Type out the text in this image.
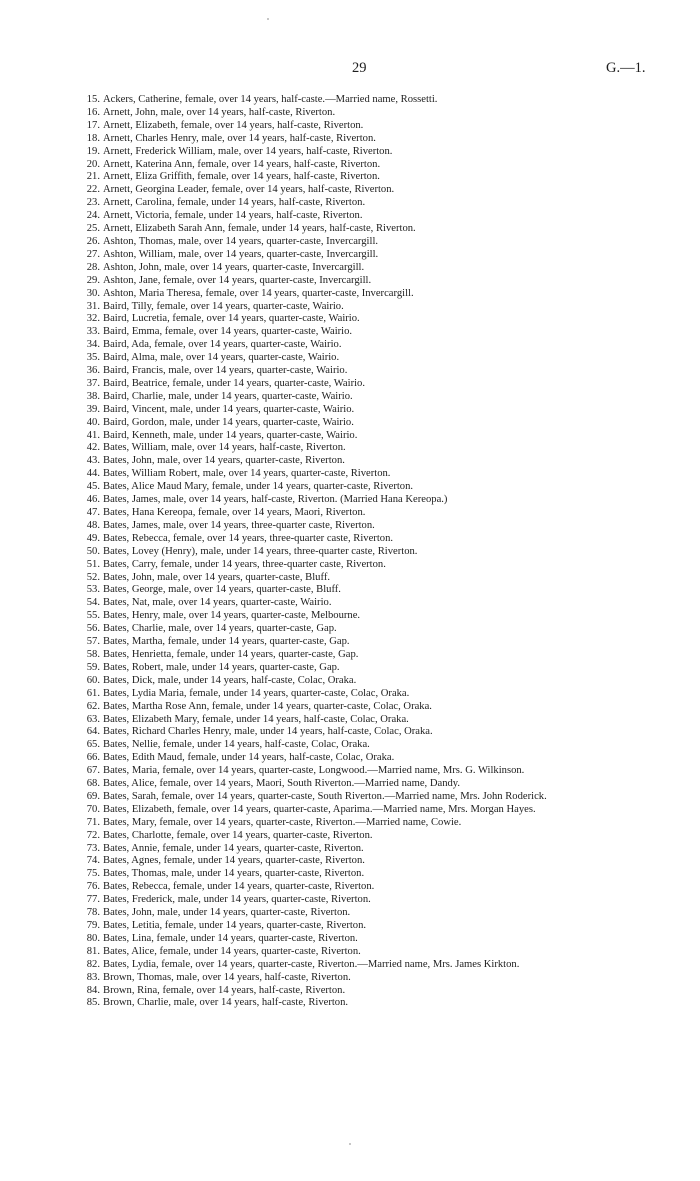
29	G.—1.
15. Ackers, Catherine, female, over 14 years, half-caste.—Married name, Rossetti.
16. Arnett, John, male, over 14 years, half-caste, Riverton.
17. Arnett, Elizabeth, female, over 14 years, half-caste, Riverton.
18. Arnett, Charles Henry, male, over 14 years, half-caste, Riverton.
19. Arnett, Frederick William, male, over 14 years, half-caste, Riverton.
20. Arnett, Katerina Ann, female, over 14 years, half-caste, Riverton.
21. Arnett, Eliza Griffith, female, over 14 years, half-caste, Riverton.
22. Arnett, Georgina Leader, female, over 14 years, half-caste, Riverton.
23. Arnett, Carolina, female, under 14 years, half-caste, Riverton.
24. Arnett, Victoria, female, under 14 years, half-caste, Riverton.
25. Arnett, Elizabeth Sarah Ann, female, under 14 years, half-caste, Riverton.
26. Ashton, Thomas, male, over 14 years, quarter-caste, Invercargill.
27. Ashton, William, male, over 14 years, quarter-caste, Invercargill.
28. Ashton, John, male, over 14 years, quarter-caste, Invercargill.
29. Ashton, Jane, female, over 14 years, quarter-caste, Invercargill.
30. Ashton, Maria Theresa, female, over 14 years, quarter-caste, Invercargill.
31. Baird, Tilly, female, over 14 years, quarter-caste, Wairio.
32. Baird, Lucretia, female, over 14 years, quarter-caste, Wairio.
33. Baird, Emma, female, over 14 years, quarter-caste, Wairio.
34. Baird, Ada, female, over 14 years, quarter-caste, Wairio.
35. Baird, Alma, male, over 14 years, quarter-caste, Wairio.
36. Baird, Francis, male, over 14 years, quarter-caste, Wairio.
37. Baird, Beatrice, female, under 14 years, quarter-caste, Wairio.
38. Baird, Charlie, male, under 14 years, quarter-caste, Wairio.
39. Baird, Vincent, male, under 14 years, quarter-caste, Wairio.
40. Baird, Gordon, male, under 14 years, quarter-caste, Wairio.
41. Baird, Kenneth, male, under 14 years, quarter-caste, Wairio.
42. Bates, William, male, over 14 years, half-caste, Riverton.
43. Bates, John, male, over 14 years, quarter-caste, Riverton.
44. Bates, William Robert, male, over 14 years, quarter-caste, Riverton.
45. Bates, Alice Maud Mary, female, under 14 years, quarter-caste, Riverton.
46. Bates, James, male, over 14 years, half-caste, Riverton. (Married Hana Kereopa.)
47. Bates, Hana Kereopa, female, over 14 years, Maori, Riverton.
48. Bates, James, male, over 14 years, three-quarter caste, Riverton.
49. Bates, Rebecca, female, over 14 years, three-quarter caste, Riverton.
50. Bates, Lovey (Henry), male, under 14 years, three-quarter caste, Riverton.
51. Bates, Carry, female, under 14 years, three-quarter caste, Riverton.
52. Bates, John, male, over 14 years, quarter-caste, Bluff.
53. Bates, George, male, over 14 years, quarter-caste, Bluff.
54. Bates, Nat, male, over 14 years, quarter-caste, Wairio.
55. Bates, Henry, male, over 14 years, quarter-caste, Melbourne.
56. Bates, Charlie, male, over 14 years, quarter-caste, Gap.
57. Bates, Martha, female, under 14 years, quarter-caste, Gap.
58. Bates, Henrietta, female, under 14 years, quarter-caste, Gap.
59. Bates, Robert, male, under 14 years, quarter-caste, Gap.
60. Bates, Dick, male, under 14 years, half-caste, Colac, Oraka.
61. Bates, Lydia Maria, female, under 14 years, quarter-caste, Colac, Oraka.
62. Bates, Martha Rose Ann, female, under 14 years, quarter-caste, Colac, Oraka.
63. Bates, Elizabeth Mary, female, under 14 years, half-caste, Colac, Oraka.
64. Bates, Richard Charles Henry, male, under 14 years, half-caste, Colac, Oraka.
65. Bates, Nellie, female, under 14 years, half-caste, Colac, Oraka.
66. Bates, Edith Maud, female, under 14 years, half-caste, Colac, Oraka.
67. Bates, Maria, female, over 14 years, quarter-caste, Longwood.—Married name, Mrs. G. Wilkinson.
68. Bates, Alice, female, over 14 years, Maori, South Riverton.—Married name, Dandy.
69. Bates, Sarah, female, over 14 years, quarter-caste, South Riverton.—Married name, Mrs. John Roderick.
70. Bates, Elizabeth, female, over 14 years, quarter-caste, Aparima.—Married name, Mrs. Morgan Hayes.
71. Bates, Mary, female, over 14 years, quarter-caste, Riverton.—Married name, Cowie.
72. Bates, Charlotte, female, over 14 years, quarter-caste, Riverton.
73. Bates, Annie, female, under 14 years, quarter-caste, Riverton.
74. Bates, Agnes, female, under 14 years, quarter-caste, Riverton.
75. Bates, Thomas, male, under 14 years, quarter-caste, Riverton.
76. Bates, Rebecca, female, under 14 years, quarter-caste, Riverton.
77. Bates, Frederick, male, under 14 years, quarter-caste, Riverton.
78. Bates, John, male, under 14 years, quarter-caste, Riverton.
79. Bates, Letitia, female, under 14 years, quarter-caste, Riverton.
80. Bates, Lina, female, under 14 years, quarter-caste, Riverton.
81. Bates, Alice, female, under 14 years, quarter-caste, Riverton.
82. Bates, Lydia, female, over 14 years, quarter-caste, Riverton.—Married name, Mrs. James Kirkton.
83. Brown, Thomas, male, over 14 years, half-caste, Riverton.
84. Brown, Rina, female, over 14 years, half-caste, Riverton.
85. Brown, Charlie, male, over 14 years, half-caste, Riverton.
